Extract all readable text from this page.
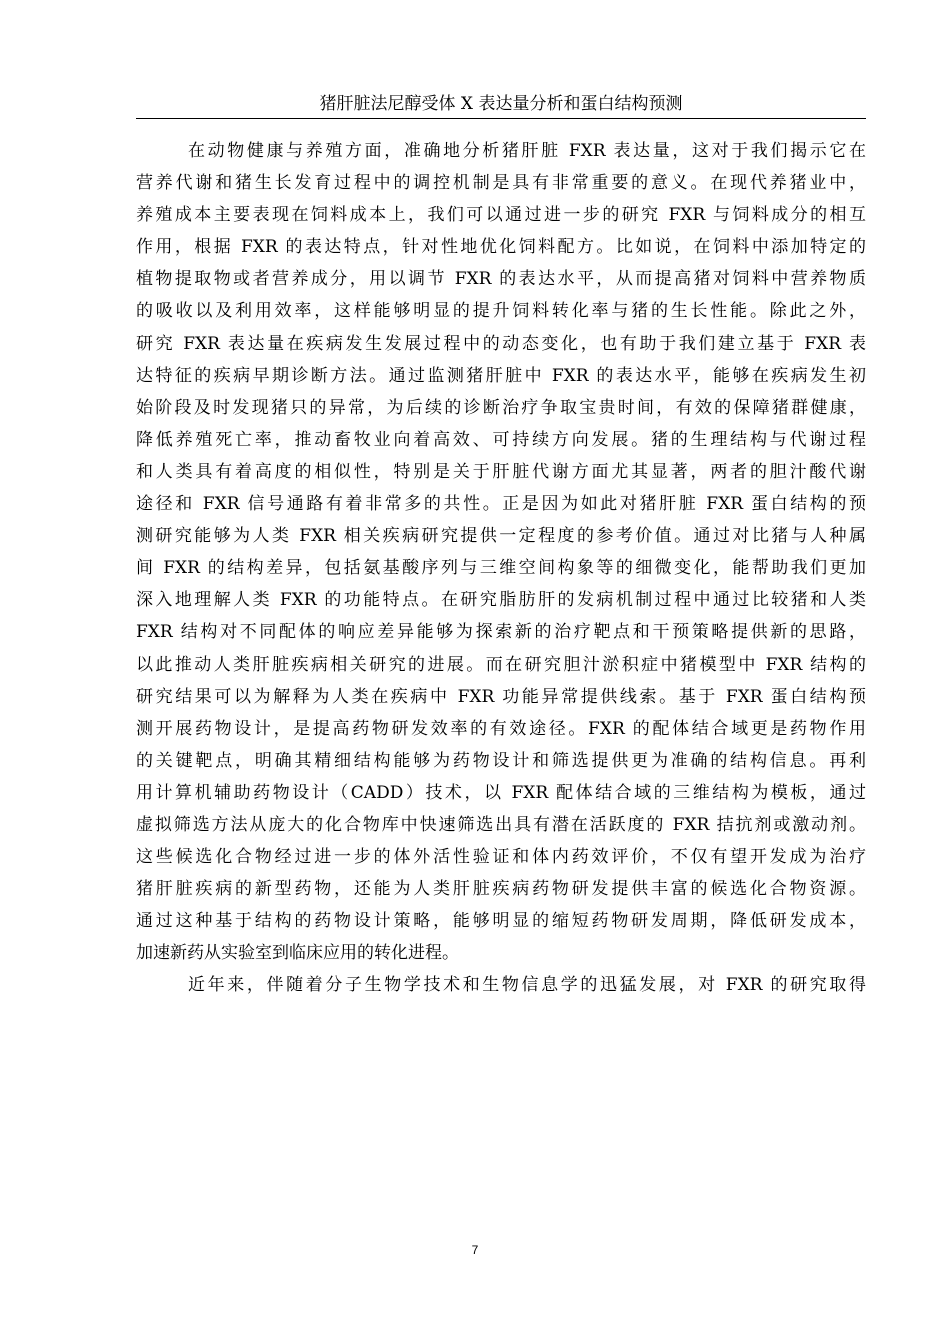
猪肝脏法尼醇受体 X 表达量分析和蛋白结构预测
在动物健康与养殖方面，准确地分析猪肝脏 FXR 表达量，这对于我们揭示它在
营养代谢和猪生长发育过程中的调控机制是具有非常重要的意义。在现代养猪业中，
养殖成本主要表现在饲料成本上，我们可以通过进一步的研究 FXR 与饲料成分的相互
作用，根据 FXR 的表达特点，针对性地优化饲料配方。比如说，在饲料中添加特定的
植物提取物或者营养成分，用以调节 FXR 的表达水平，从而提高猪对饲料中营养物质
的吸收以及利用效率，这样能够明显的提升饲料转化率与猪的生长性能。除此之外，
研究 FXR 表达量在疾病发生发展过程中的动态变化，也有助于我们建立基于 FXR 表
达特征的疾病早期诊断方法。通过监测猪肝脏中 FXR 的表达水平，能够在疾病发生初
始阶段及时发现猪只的异常，为后续的诊断治疗争取宝贵时间，有效的保障猪群健康，
降低养殖死亡率，推动畜牧业向着高效、可持续方向发展。猪的生理结构与代谢过程
和人类具有着高度的相似性，特别是关于肝脏代谢方面尤其显著，两者的胆汁酸代谢
途径和 FXR 信号通路有着非常多的共性。正是因为如此对猪肝脏 FXR 蛋白结构的预
测研究能够为人类 FXR 相关疾病研究提供一定程度的参考价值。通过对比猪与人种属
间 FXR 的结构差异，包括氨基酸序列与三维空间构象等的细微变化，能帮助我们更加
深入地理解人类 FXR 的功能特点。在研究脂肪肝的发病机制过程中通过比较猪和人类
FXR 结构对不同配体的响应差异能够为探索新的治疗靶点和干预策略提供新的思路，
以此推动人类肝脏疾病相关研究的进展。而在研究胆汁淤积症中猪模型中 FXR 结构的
研究结果可以为解释为人类在疾病中 FXR 功能异常提供线索。基于 FXR 蛋白结构预
测开展药物设计，是提高药物研发效率的有效途径。FXR 的配体结合域更是药物作用
的关键靶点，明确其精细结构能够为药物设计和筛选提供更为准确的结构信息。再利
用计算机辅助药物设计（CADD）技术，以 FXR 配体结合域的三维结构为模板，通过
虚拟筛选方法从庞大的化合物库中快速筛选出具有潜在活跃度的 FXR 拮抗剂或激动剂。
这些候选化合物经过进一步的体外活性验证和体内药效评价，不仅有望开发成为治疗
猪肝脏疾病的新型药物，还能为人类肝脏疾病药物研发提供丰富的候选化合物资源。
通过这种基于结构的药物设计策略，能够明显的缩短药物研发周期，降低研发成本，
加速新药从实验室到临床应用的转化进程。
近年来，伴随着分子生物学技术和生物信息学的迅猛发展，对 FXR 的研究取得
7
